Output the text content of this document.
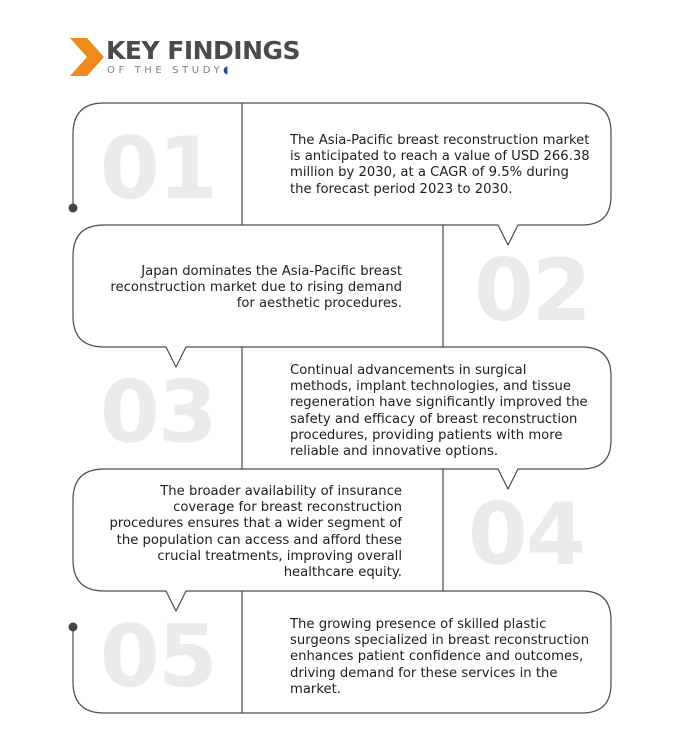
KEY FINDINGS
OF THE STUDY◖
01	The Asia-Pacific breast reconstruction market is anticipated to reach a value of USD 266.38 million by 2030, at a CAGR of 9.5% during the forecast period 2023 to 2030.

02

Japan dominates the Asia-Pacific breast reconstruction market due to rising demand for aesthetic procedures.

03	Continual advancements in surgical methods, implant technologies, and tissue regeneration have significantly improved the safety and efficacy of breast reconstruction procedures, providing patients with more reliable and innovative options.

04

The broader availability of insurance coverage for breast reconstruction procedures ensures that a wider segment of the population can access and afford these crucial treatments, improving overall healthcare equity.

05	The growing presence of skilled plastic surgeons specialized in breast reconstruction enhances patient confidence and outcomes, driving demand for these services in the market.
